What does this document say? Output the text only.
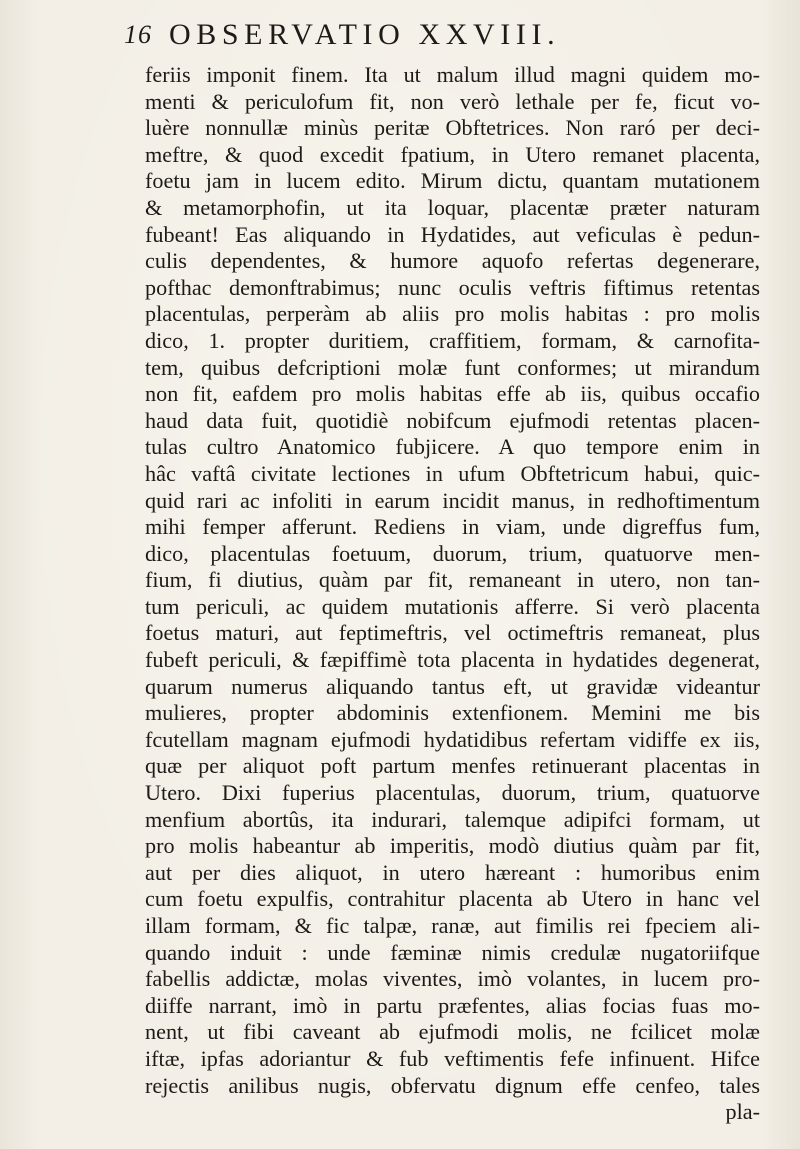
16 OBSERVATIO XXVIII.
feriis imponit finem. Ita ut malum illud magni quidem mo-
menti & periculofum fit, non verò lethale per fe, ficut vo-
luère nonnullæ minùs peritæ Obftetrices. Non raró per deci-
meftre, & quod excedit fpatium, in Utero remanet placenta,
foetu jam in lucem edito. Mirum dictu, quantam mutationem
& metamorphofin, ut ita loquar, placentæ præter naturam
fubeant! Eas aliquando in Hydatides, aut veficulas è pedun-
culis dependentes, & humore aquofo refertas degenerare,
pofthac demonftrabimus; nunc oculis veftris fiftimus retentas
placentulas, perperàm ab aliis pro molis habitas : pro molis
dico, 1. propter duritiem, craffitiem, formam, & carnofita-
tem, quibus defcriptioni molæ funt conformes; ut mirandum
non fit, eafdem pro molis habitas effe ab iis, quibus occafio
haud data fuit, quotidiè nobifcum ejufmodi retentas placen-
tulas cultro Anatomico fubjicere. A quo tempore enim in
hâc vaftâ civitate lectiones in ufum Obftetricum habui, quic-
quid rari ac infoliti in earum incidit manus, in redhoftimentum
mihi femper afferunt. Rediens in viam, unde digreffus fum,
dico, placentulas foetuum, duorum, trium, quatuorve men-
fium, fi diutius, quàm par fit, remaneant in utero, non tan-
tum periculi, ac quidem mutationis afferre. Si verò placenta
foetus maturi, aut feptimeftris, vel octimeftris remaneat, plus
fubeft periculi, & fæpiffimè tota placenta in hydatides degenerat,
quarum numerus aliquando tantus eft, ut gravidæ videantur
mulieres, propter abdominis extenfionem. Memini me bis
fcutellam magnam ejufmodi hydatidibus refertam vidiffe ex iis,
quæ per aliquot poft partum menfes retinuerant placentas in
Utero. Dixi fuperius placentulas, duorum, trium, quatuorve
menfium abortûs, ita indurari, talemque adipifci formam, ut
pro molis habeantur ab imperitis, modò diutius quàm par fit,
aut per dies aliquot, in utero hæreant : humoribus enim
cum foetu expulfis, contrahitur placenta ab Utero in hanc vel
illam formam, & fic talpæ, ranæ, aut fimilis rei fpeciem ali-
quando induit : unde fæminæ nimis credulæ nugatoriifque
fabellis addictæ, molas viventes, imò volantes, in lucem pro-
diiffe narrant, imò in partu præfentes, alias focias fuas mo-
nent, ut fibi caveant ab ejufmodi molis, ne fcilicet molæ
iftæ, ipfas adoriantur & fub veftimentis fefe infinuent. Hifce
rejectis anilibus nugis, obfervatu dignum effe cenfeo, tales
pla-
